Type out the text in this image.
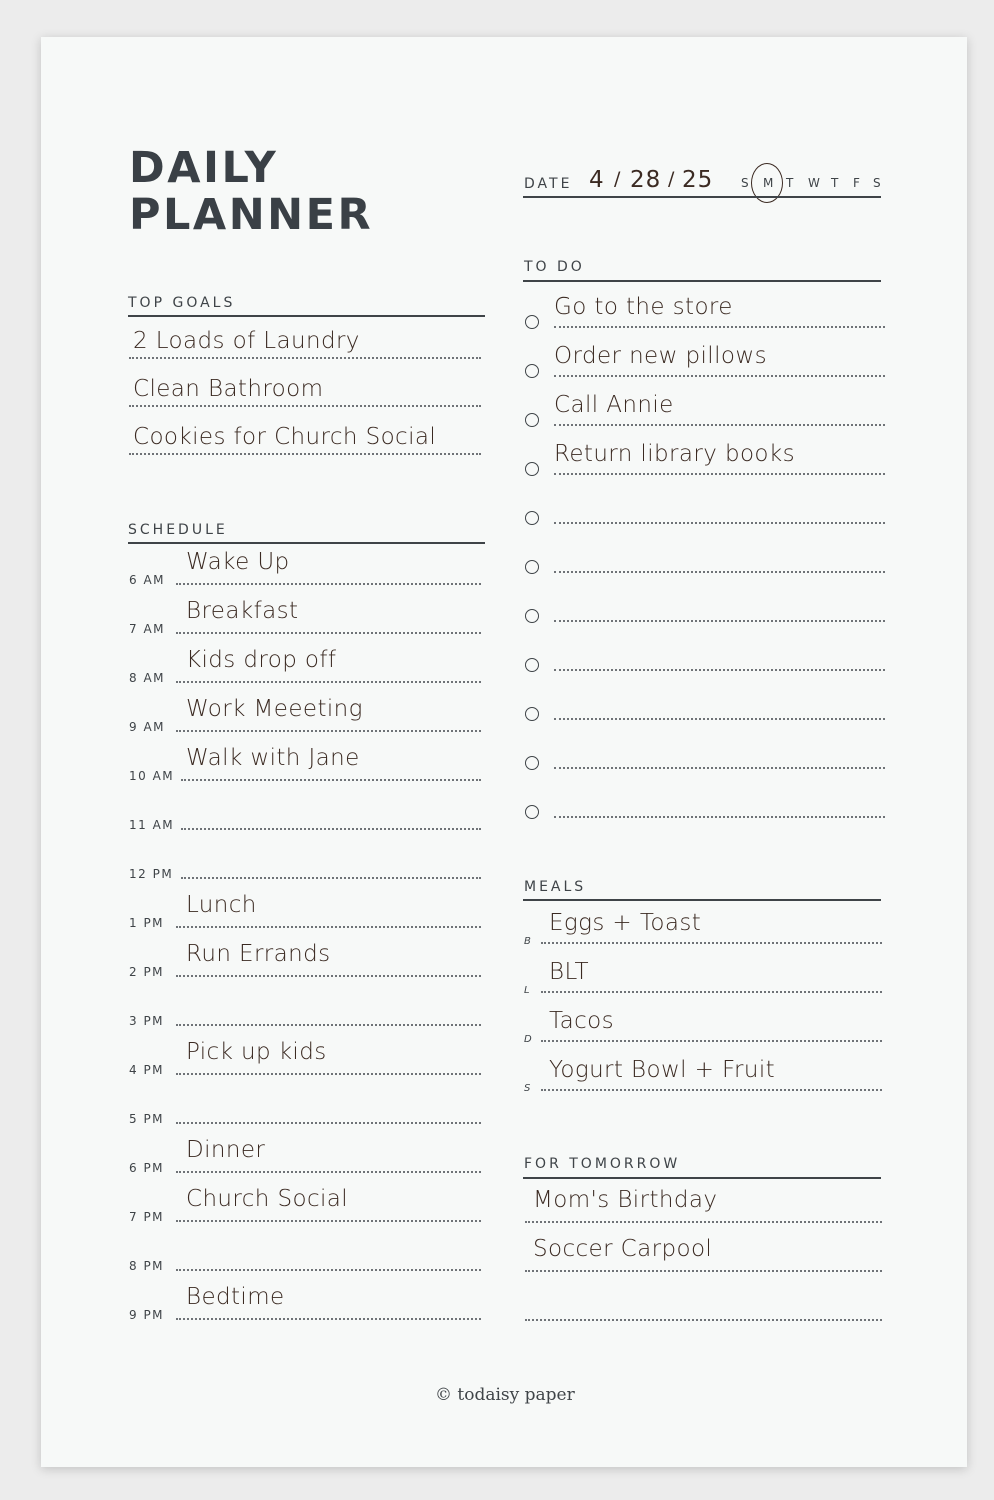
DAILY
PLANNER
DATE 4 / 28 / 25 S M T W T F S
TOP GOALS
2 Loads of Laundry
Clean Bathroom
Cookies for Church Social
SCHEDULE
6 AM
Wake Up
7 AM
Breakfast
8 AM
Kids drop off
9 AM
Work Meeeting
10 AM
Walk with Jane
11 AM
12 PM
1 PM
Lunch
2 PM
Run Errands
3 PM
4 PM
Pick up kids
5 PM
6 PM
Dinner
7 PM
Church Social
8 PM
9 PM
Bedtime
TO DO
Go to the store
Order new pillows
Call Annie
Return library books
MEALS
B
Eggs + Toast
L
BLT
D
Tacos
S
Yogurt Bowl + Fruit
FOR TOMORROW
Mom's Birthday
Soccer Carpool
© todaisy paper
